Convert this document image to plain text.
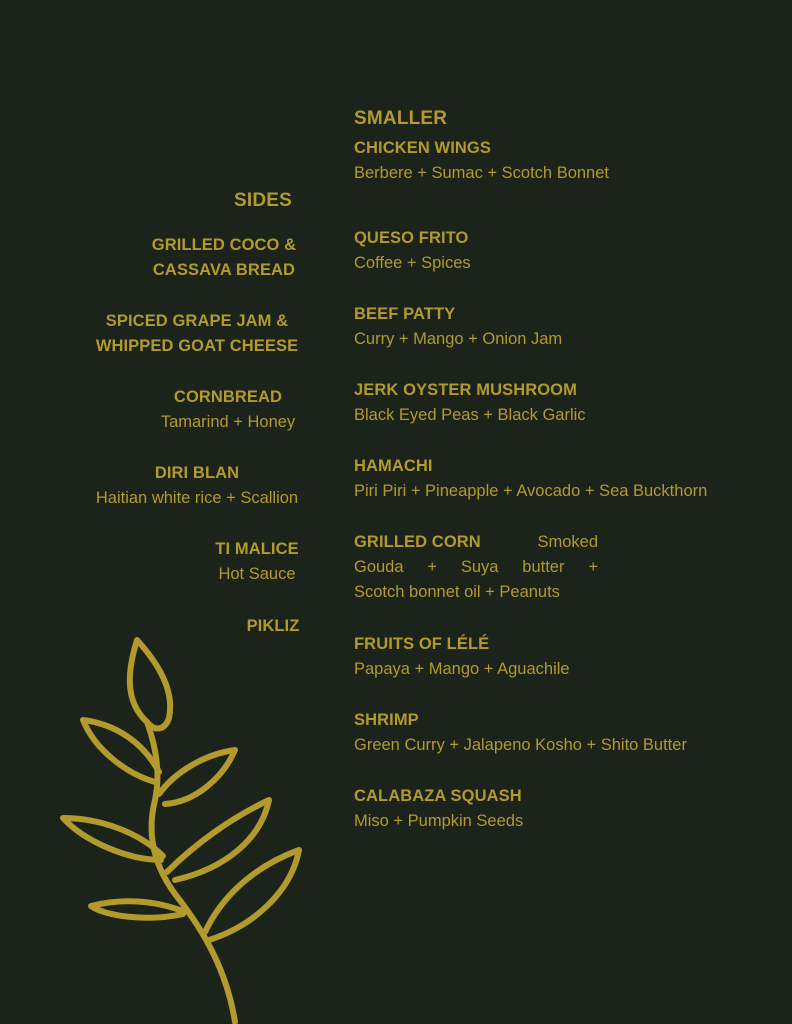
SMALLER
CHICKEN WINGS
Berbere + Sumac + Scotch Bonnet
QUESO FRITO
Coffee + Spices
BEEF PATTY
Curry + Mango + Onion Jam
JERK OYSTER MUSHROOM
Black Eyed Peas + Black Garlic
HAMACHI
Piri Piri + Pineapple + Avocado + Sea Buckthorn
GRILLED CORN	Smoked
Gouda + Suya butter +
Scotch bonnet oil + Peanuts
FRUITS OF LÉLÉ
Papaya + Mango + Aguachile
SHRIMP
Green Curry + Jalapeno Kosho + Shito Butter
CALABAZA SQUASH
Miso + Pumpkin Seeds
SIDES
GRILLED COCO &
CASSAVA BREAD
SPICED GRAPE JAM &
WHIPPED GOAT CHEESE
CORNBREAD
Tamarind + Honey
DIRI BLAN
Haitian white rice + Scallion
TI MALICE
Hot Sauce
PIKLIZ
